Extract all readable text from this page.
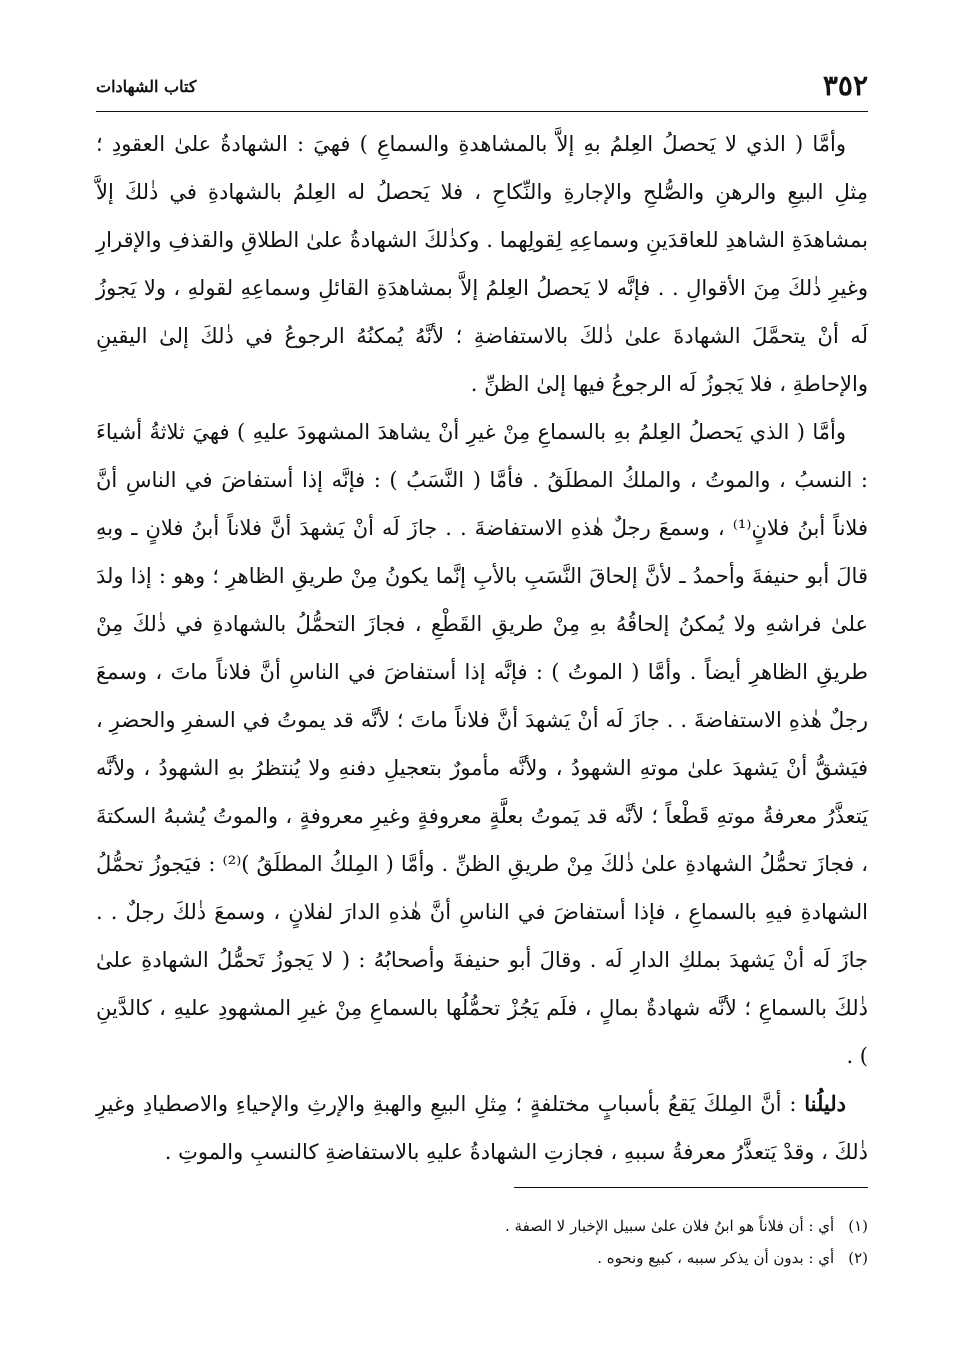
٣٥٢
كتاب الشهادات

وأمَّا ( الذي لا يَحصلُ العِلمُ بهِ إلاَّ بالمشاهدةِ والسماعِ ) فهيَ : الشهادةُ علىٰ العقودِ ؛ مِثلِ البيعِ والرهنِ والصُّلحِ والإجارةِ والنِّكاحِ ، فلا يَحصلُ له العِلمُ بالشهادةِ في ذٰلكَ إلاَّ بمشاهدَةِ الشاهدِ للعاقدَينِ وسماعِهِ لِقولِهما . وكذٰلكَ الشهادةُ علىٰ الطلاقِ والقذفِ والإقرارِ وغيرِ ذٰلكَ مِنَ الأقوالِ . . فإنَّه لا يَحصلُ العِلمُ إلاَّ بمشاهدَةِ القائلِ وسماعِهِ لقولهِ ، ولا يَجوزُ لَه أنْ يتحمَّلَ الشهادةَ علىٰ ذٰلكَ بالاستفاضةِ ؛ لأنَّهُ يُمكنُهُ الرجوعُ في ذٰلكَ إلىٰ اليقينِ والإحاطةِ ، فلا يَجوزُ لَه الرجوعُ فيها إلىٰ الظنِّ .

وأمَّا ( الذي يَحصلُ العِلمُ بهِ بالسماعِ مِنْ غيرِ أنْ يشاهدَ المشهودَ عليهِ ) فهيَ ثلاثةُ أشياءَ : النسبُ ، والموتُ ، والملكُ المطلَقُ . فأمَّا ( النَّسَبُ ) : فإنَّه إذا أستفاضَ في الناسِ أنَّ فلاناً أبنُ فلانٍ⁽¹⁾ ، وسمعَ رجلٌ هٰذهِ الاستفاضةَ . . جازَ لَه أنْ يَشهدَ أنَّ فلاناً أبنُ فلانٍ ـ وبهِ قالَ أبو حنيفةَ وأحمدُ ـ لأنَّ إلحاقَ النَّسَبِ بالأبِ إنَّما يكونُ مِنْ طريقِ الظاهرِ ؛ وهو : إذا ولدَ علىٰ فراشهِ ولا يُمكنُ إلحاقُهُ بهِ مِنْ طريقِ القَطْعِ ، فجازَ التحمُّلُ بالشهادةِ في ذٰلكَ مِنْ طريقِ الظاهرِ أيضاً . وأمَّا ( الموتُ ) : فإنَّه إذا أستفاضَ في الناسِ أنَّ فلاناً ماتَ ، وسمعَ رجلٌ هٰذهِ الاستفاضةَ . . جازَ لَه أنْ يَشهدَ أنَّ فلاناً ماتَ ؛ لأنَّه قد يموتُ في السفرِ والحضرِ ، فيَشقُّ أنْ يَشهدَ علىٰ موتهِ الشهودُ ، ولأنَّه مأمورٌ بتعجيلِ دفنهِ ولا يُنتظرُ بهِ الشهودُ ، ولأنَّه يَتعذَّرُ معرفةُ موتهِ قَطْعاً ؛ لأنَّه قد يَموتُ بعلَّةٍ معروفةٍ وغيرِ معروفةٍ ، والموتُ يُشبهُ السكتةَ ، فجازَ تحمُّلُ الشهادةِ علىٰ ذٰلكَ مِنْ طريقِ الظنِّ . وأمَّا ( المِلكُ المطلَقُ )⁽²⁾ : فيَجوزُ تحمُّلُ الشهادةِ فيهِ بالسماعِ ، فإذا أستفاضَ في الناسِ أنَّ هٰذهِ الدارَ لفلانٍ ، وسمعَ ذٰلكَ رجلٌ . . جازَ لَه أنْ يَشهدَ بملكِ الدارِ لَه . وقالَ أبو حنيفةَ وأصحابُهُ : ( لا يَجوزُ تَحمُّلُ الشهادةِ علىٰ ذٰلكَ بالسماعِ ؛ لأنَّه شهادةٌ بمالٍ ، فلَم يَجُزْ تحمُّلُها بالسماعِ مِنْ غيرِ المشهودِ عليهِ ، كالدَّينِ ) .

دليلُنا : أنَّ المِلكَ يَقعُ بأسبابٍ مختلفةٍ ؛ مِثلِ البيعِ والهبةِ والإرثِ والإحياءِ والاصطيادِ وغيرِ ذٰلكَ ، وقدْ يَتعذَّرُ معرفةُ سببهِ ، فجازتِ الشهادةُ عليهِ بالاستفاضةِ كالنسبِ والموتِ .

(١)أي : أن فلاناً هو ابنُ فلان علىٰ سبيل الإخبار لا الصفة .

(٢)أي : بدون أن يذكر سببه ، كبيع ونحوه .
